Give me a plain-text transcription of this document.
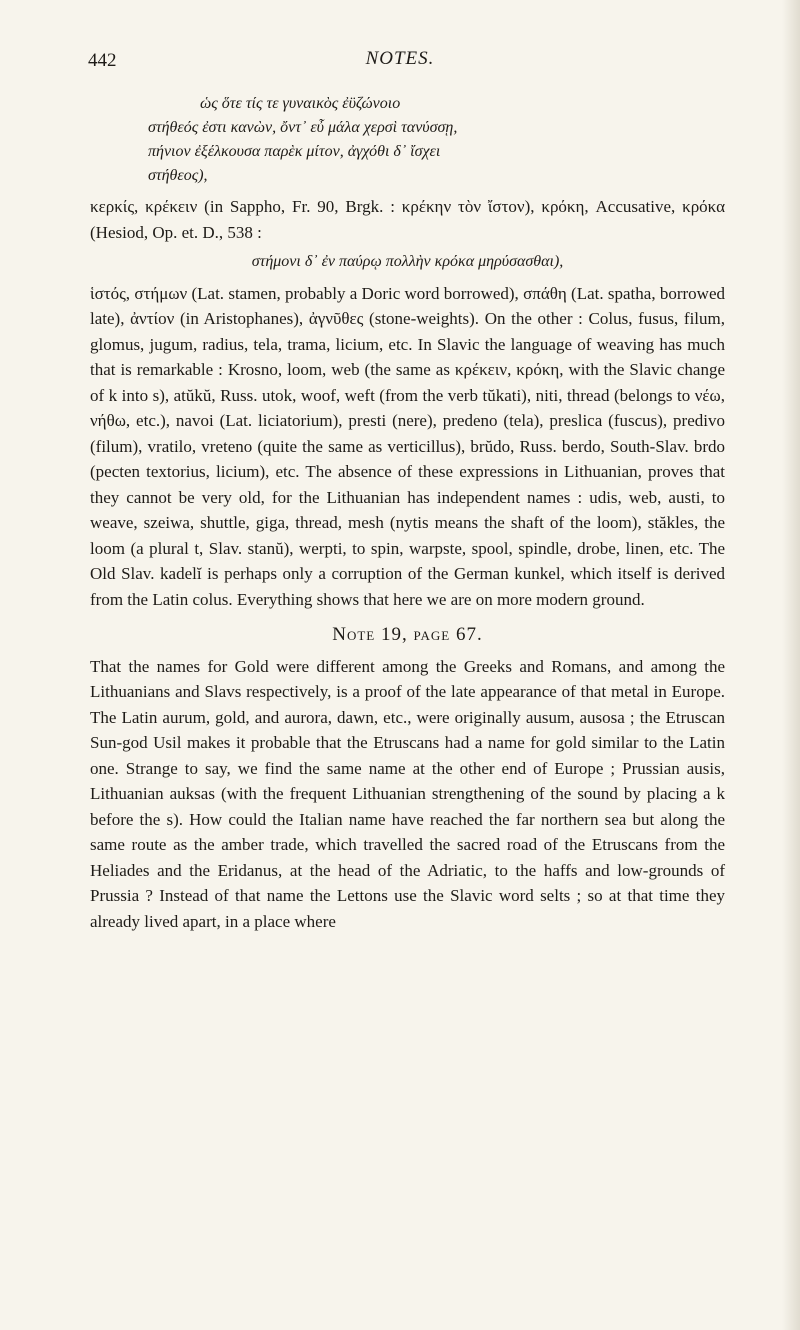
442	NOTES.

ὡς ὅτε τίς τε γυναικὸς ἐϋζώνοιο

στήθεός ἐστι κανὼν, ὄντ᾽ εὖ μάλα χερσὶ τανύσσῃ,

πήνιον ἐξέλκουσα παρὲκ μίτον, ἀγχόθι δ᾽ ἴσχει

στήθεος),

κερκίς, κρέκειν (in Sappho, Fr. 90, Brgk. : κρέκην τὸν ἴστον), κρόκη, Accusative, κρόκα (Hesiod, Op. et. D., 538 :

στήμονι δ᾽ ἐν παύρῳ πολλὴν κρόκα μηρύσασθαι),

ἱστός, στήμων (Lat. stamen, probably a Doric word borrowed), σπάθη (Lat. spatha, borrowed late), ἀντίον (in Aristophanes), ἀγνῦθες (stone-weights). On the other : Colus, fusus, filum, glomus, jugum, radius, tela, trama, licium, etc. In Slavic the language of weaving has much that is remarkable : Krosno, loom, web (the same as κρέκειν, κρόκη, with the Slavic change of k into s), atŭkŭ, Russ. utok, woof, weft (from the verb tŭkati), niti, thread (belongs to νέω, νήθω, etc.), navoi (Lat. liciatorium), presti (nere), predeno (tela), preslica (fuscus), predivo (filum), vratilo, vreteno (quite the same as verticillus), brŭdo, Russ. berdo, South-Slav. brdo (pecten textorius, licium), etc. The absence of these expressions in Lithuanian, proves that they cannot be very old, for the Lithuanian has independent names : udis, web, austi, to weave, szeiwa, shuttle, giga, thread, mesh (nytis means the shaft of the loom), stăkles, the loom (a plural t, Slav. stanŭ), werpti, to spin, warpste, spool, spindle, drobe, linen, etc. The Old Slav. kadelĭ is perhaps only a corruption of the German kunkel, which itself is derived from the Latin colus. Everything shows that here we are on more modern ground.

Note 19, page 67.

That the names for Gold were different among the Greeks and Romans, and among the Lithuanians and Slavs respectively, is a proof of the late appearance of that metal in Europe. The Latin aurum, gold, and aurora, dawn, etc., were originally ausum, ausosa ; the Etruscan Sun-god Usil makes it probable that the Etruscans had a name for gold similar to the Latin one. Strange to say, we find the same name at the other end of Europe ; Prussian ausis, Lithuanian auksas (with the frequent Lithuanian strengthening of the sound by placing a k before the s). How could the Italian name have reached the far northern sea but along the same route as the amber trade, which travelled the sacred road of the Etruscans from the Heliades and the Eridanus, at the head of the Adriatic, to the haffs and low-grounds of Prussia ? Instead of that name the Lettons use the Slavic word selts ; so at that time they already lived apart, in a place where
